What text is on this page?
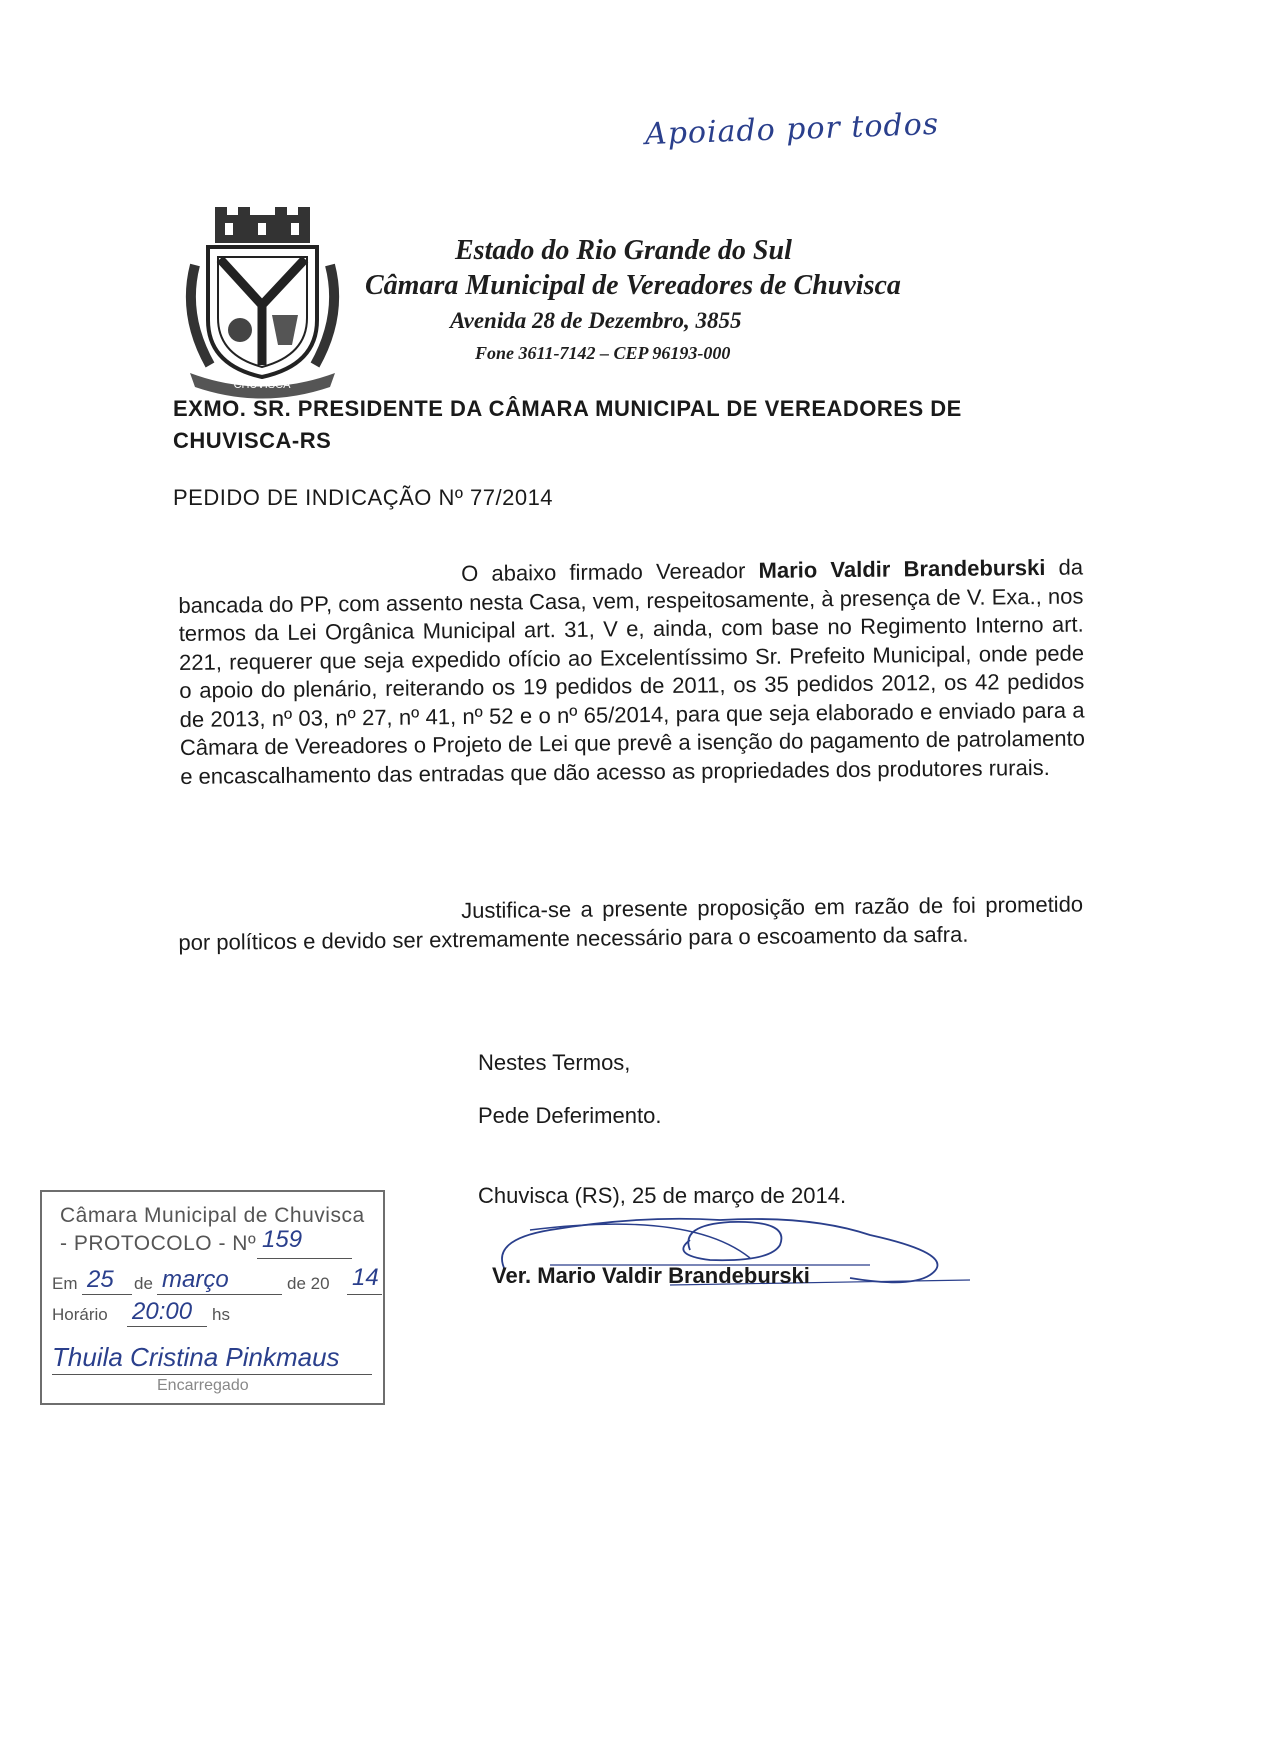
Apoiado por todos
CHUVISCA
Estado do Rio Grande do Sul
Câmara Municipal de Vereadores de Chuvisca
Avenida 28 de Dezembro, 3855
Fone 3611-7142 – CEP 96193-000
EXMO. SR. PRESIDENTE DA CÂMARA MUNICIPAL DE VEREADORES DE CHUVISCA-RS
PEDIDO DE INDICAÇÃO Nº 77/2014
O abaixo firmado Vereador Mario Valdir Brandeburski da bancada do PP, com assento nesta Casa, vem, respeitosamente, à presença de V. Exa., nos termos da Lei Orgânica Municipal art. 31, V e, ainda, com base no Regimento Interno art. 221, requerer que seja expedido ofício ao Excelentíssimo Sr. Prefeito Municipal, onde pede o apoio do plenário, reiterando os 19 pedidos de 2011, os 35 pedidos 2012, os 42 pedidos de 2013, nº 03, nº 27, nº 41, nº 52 e o nº 65/2014, para que seja elaborado e enviado para a Câmara de Vereadores o Projeto de Lei que prevê a isenção do pagamento de patrolamento e encascalhamento das entradas que dão acesso as propriedades dos produtores rurais.
Justifica-se a presente proposição em razão de foi prometido por políticos e devido ser extremamente necessário para o escoamento da safra.
Nestes Termos,
Pede Deferimento.
Chuvisca (RS), 25 de março de 2014.
Ver. Mario Valdir Brandeburski
Câmara Municipal de Chuvisca
- PROTOCOLO - Nº 159
Em 25 de março	de 20 14
Horário 20:00 hs
Thuila Cristina Pinkmaus
Encarregado
